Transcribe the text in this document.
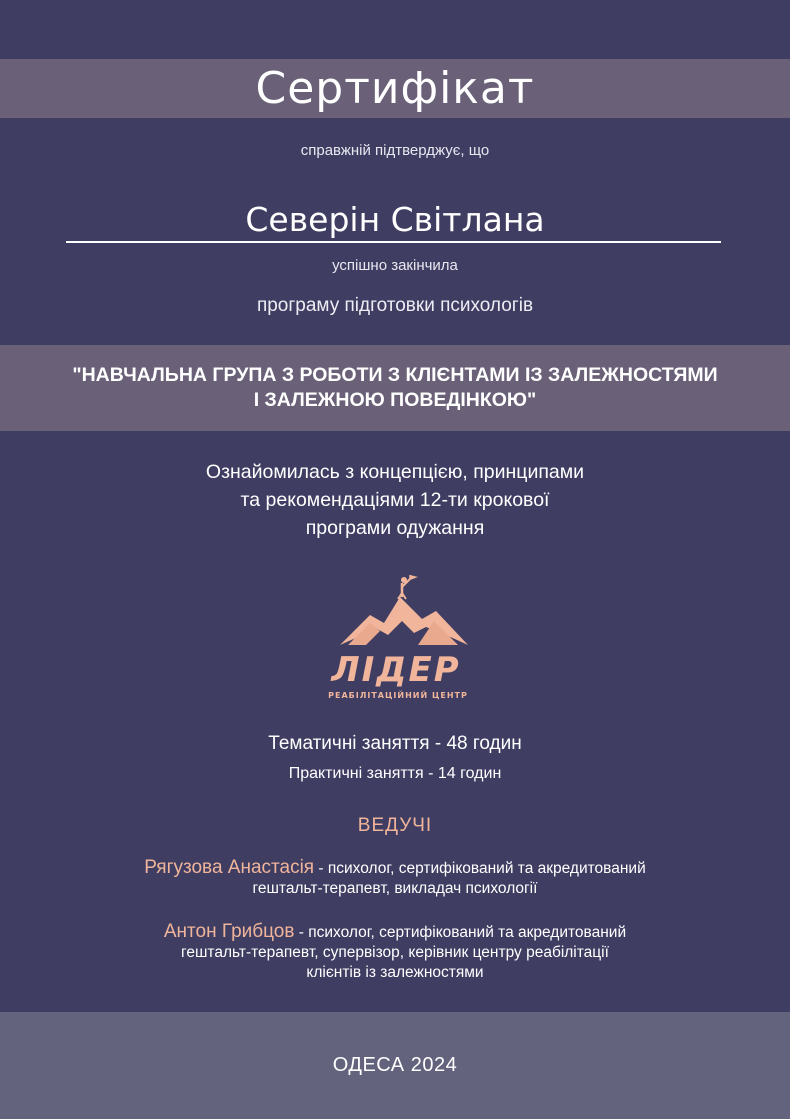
Сертифікат
справжній підтверджує, що
Северін Світлана
успішно закінчила
програму підготовки психологів
"НАВЧАЛЬНА ГРУПА З РОБОТИ З КЛІЄНТАМИ ІЗ ЗАЛЕЖНОСТЯМИ
І ЗАЛЕЖНОЮ ПОВЕДІНКОЮ"
Ознайомилась з концепцією, принципами
та рекомендаціями 12-ти крокової
програми одужання
ЛІДЕР
РЕАБІЛІТАЦІЙНИЙ ЦЕНТР
Тематичні заняття - 48 годин
Практичні заняття - 14 годин
ВЕДУЧІ
Рягузова Анастасія - психолог, сертифікований та акредитований
гештальт-терапевт, викладач психології
Антон Грибцов - психолог, сертифікований та акредитований
гештальт-терапевт, супервізор, керівник центру реабілітації
клієнтів із залежностями
ОДЕСА 2024
